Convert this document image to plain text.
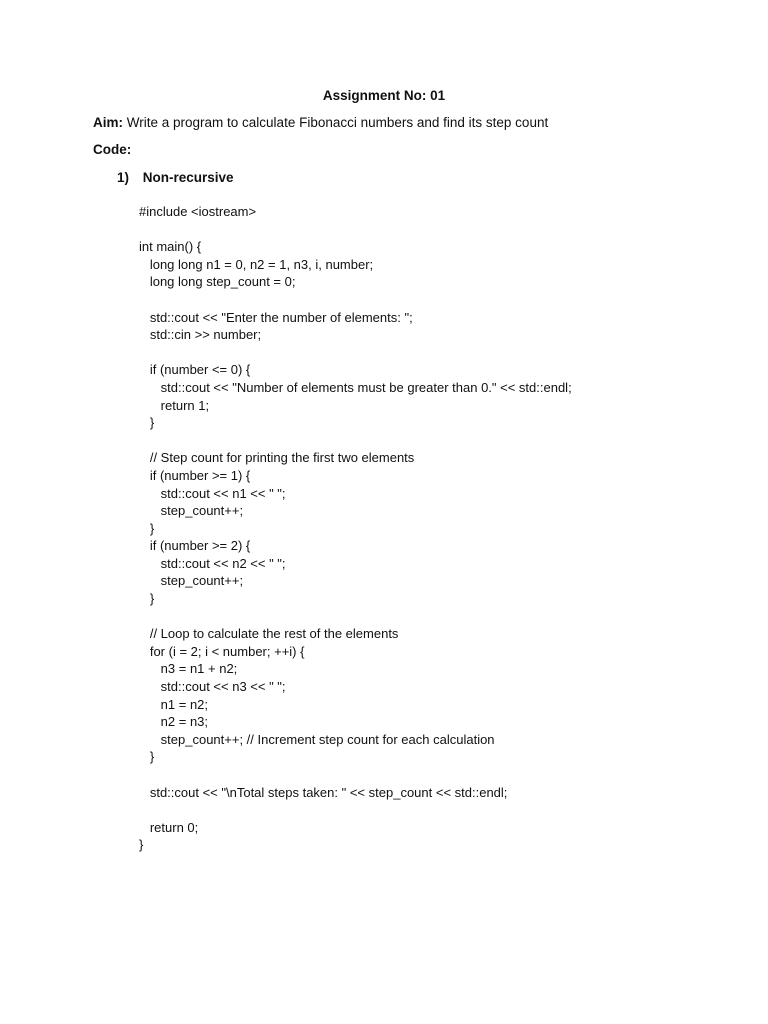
Assignment No: 01
Aim: Write a program to calculate Fibonacci numbers and find its step count
Code:
1) Non-recursive
#include <iostream>

int main() {
long long n1 = 0, n2 = 1, n3, i, number;
long long step_count = 0;

std::cout << "Enter the number of elements: ";
std::cin >> number;

if (number <= 0) {
std::cout << "Number of elements must be greater than 0." << std::endl;
return 1;
}

// Step count for printing the first two elements
if (number >= 1) {
std::cout << n1 << " ";
step_count++;
}
if (number >= 2) {
std::cout << n2 << " ";
step_count++;
}

// Loop to calculate the rest of the elements
for (i = 2; i < number; ++i) {
n3 = n1 + n2;
std::cout << n3 << " ";
n1 = n2;
n2 = n3;
step_count++; // Increment step count for each calculation
}

std::cout << "\nTotal steps taken: " << step_count << std::endl;

return 0;
}
